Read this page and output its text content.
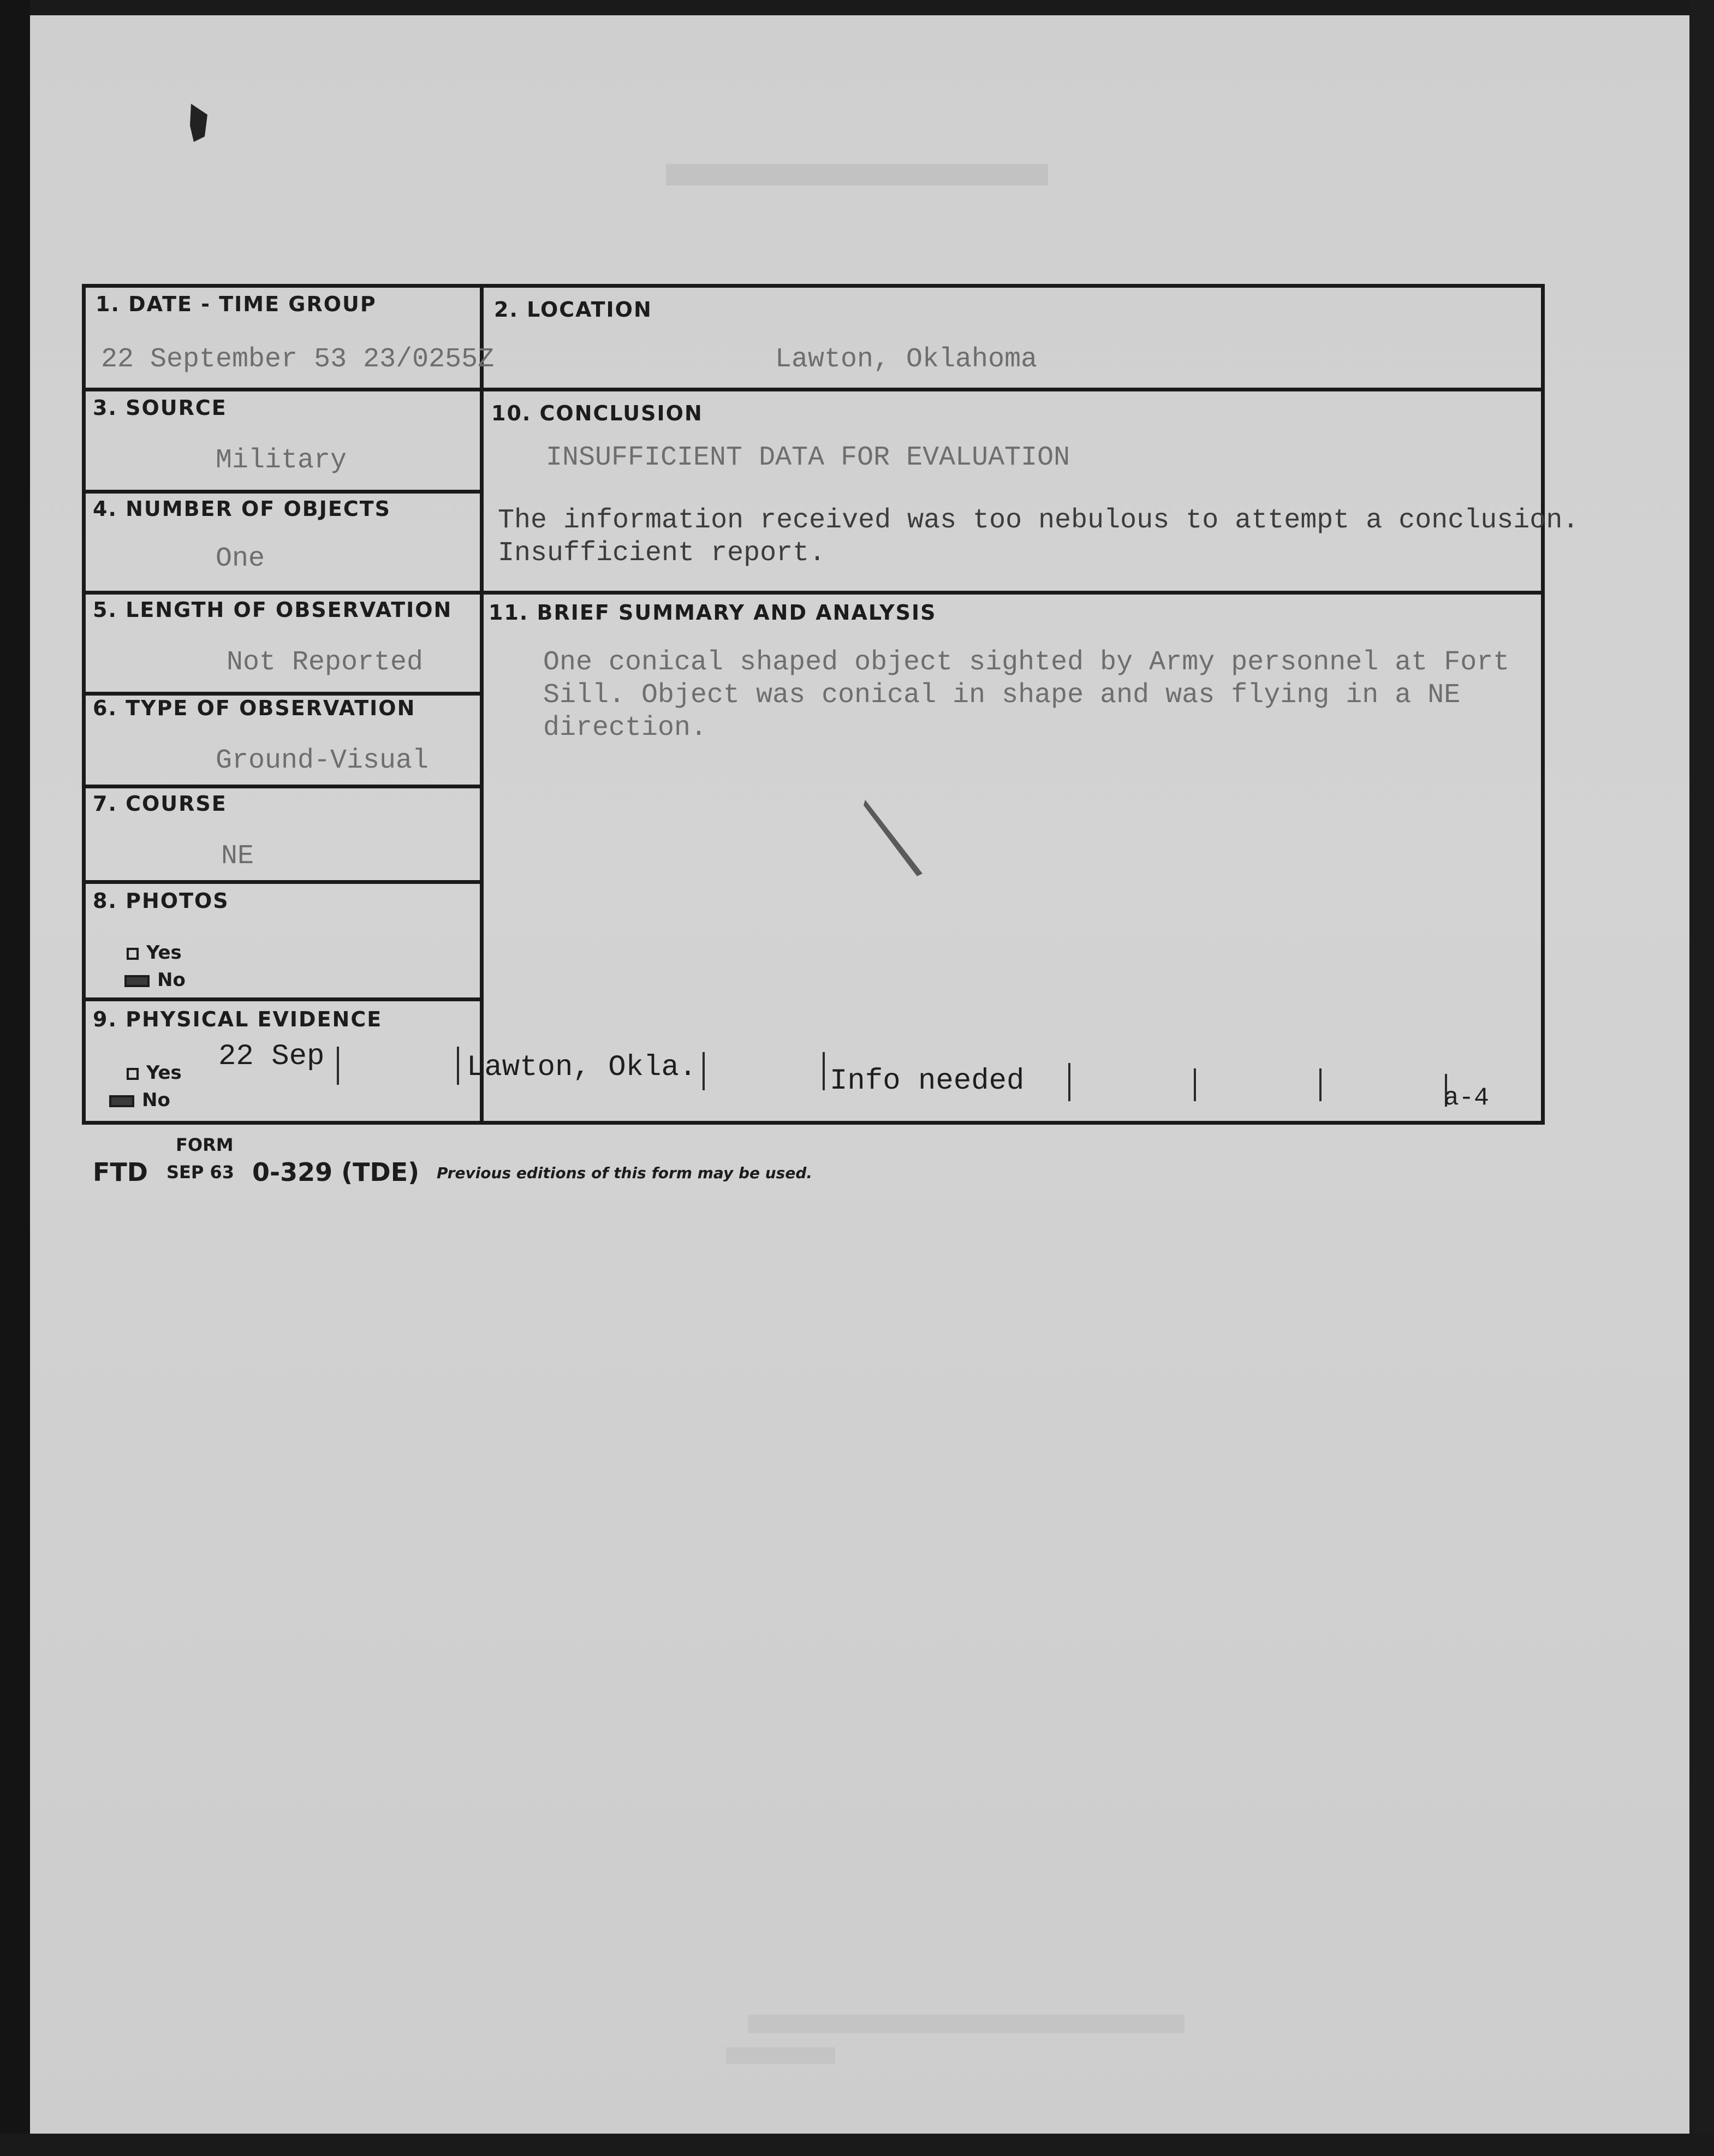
1. DATE - TIME GROUP
22 September 53 23/0255Z
2. LOCATION
Lawton, Oklahoma
3. SOURCE
Military
4. NUMBER OF OBJECTS
One
5. LENGTH OF OBSERVATION
Not Reported
6. TYPE OF OBSERVATION
Ground-Visual
7. COURSE
NE
8. PHOTOS
Yes
No
9. PHYSICAL EVIDENCE
Yes
No
10. CONCLUSION
INSUFFICIENT DATA FOR EVALUATION
The information received was too nebulous to attempt a conclusion.
Insufficient report.
11. BRIEF SUMMARY AND ANALYSIS
One conical shaped object sighted by Army personnel at Fort
Sill. Object was conical in shape and was flying in a NE
direction.
22 Sep	Lawton, Okla.	Info needed	a-4
FORM
FTD SEP 63 0-329 (TDE) Previous editions of this form may be used.
